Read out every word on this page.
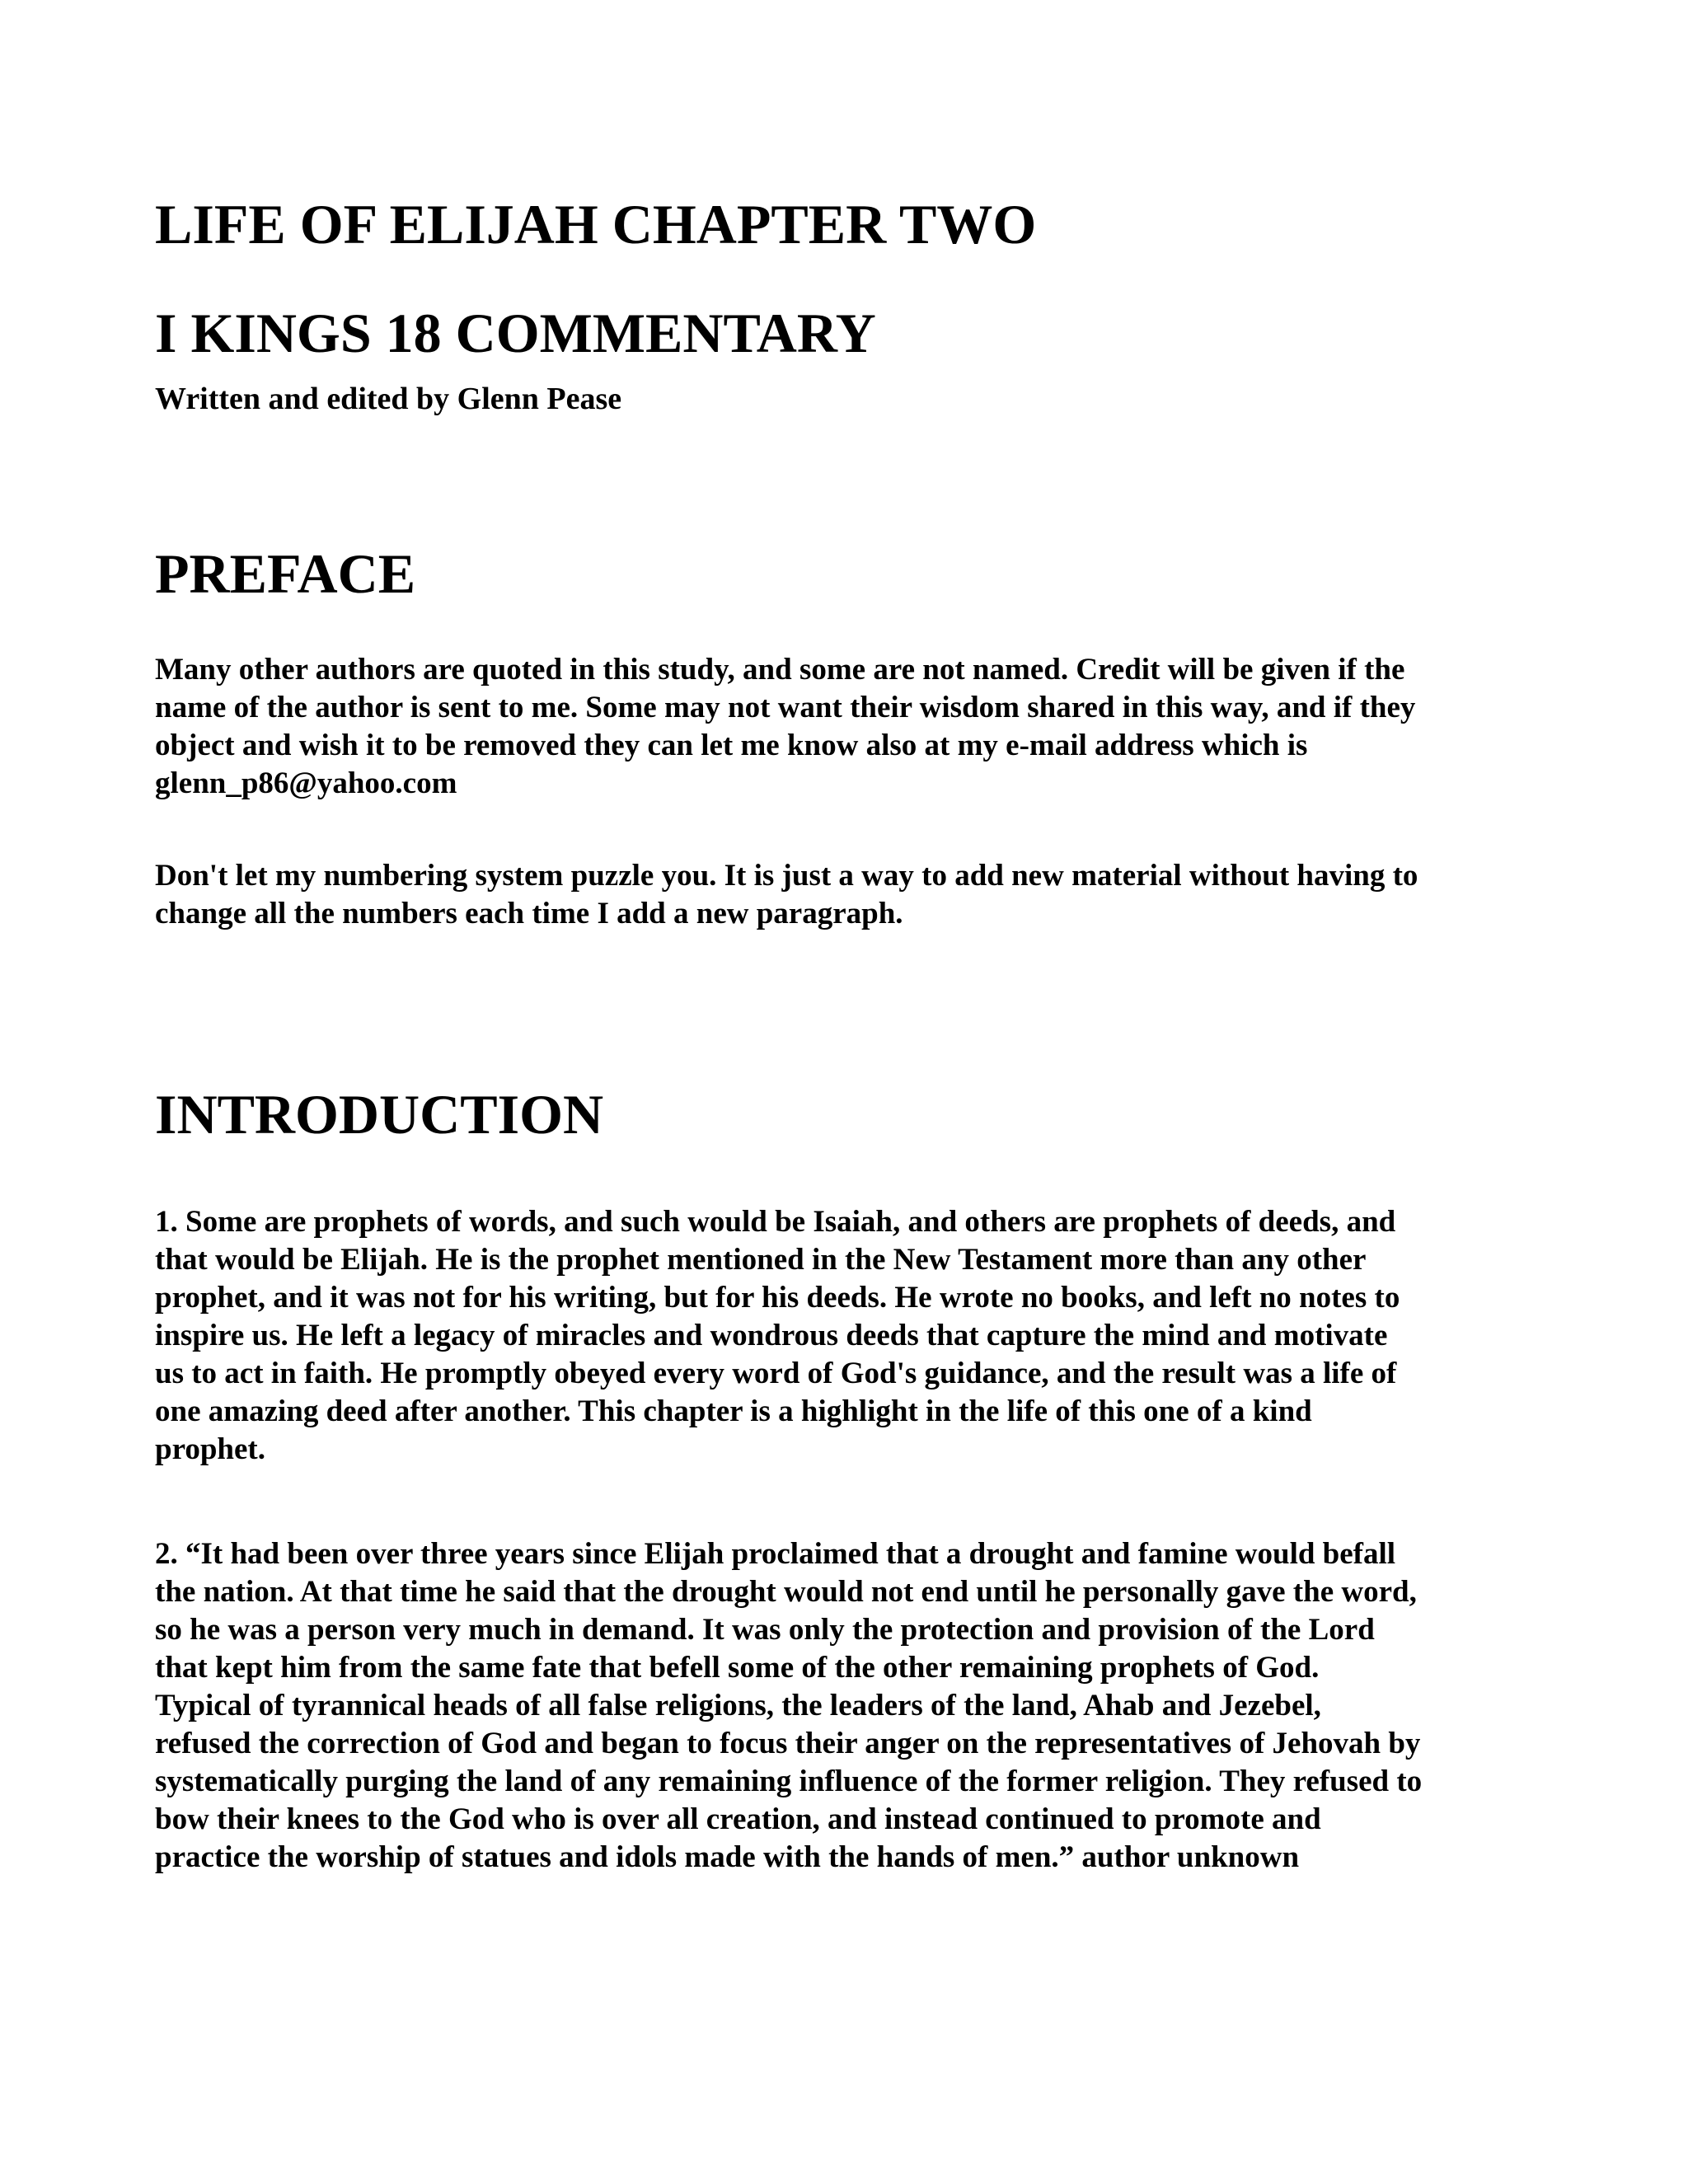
LIFE OF ELIJAH CHAPTER TWO
I KINGS 18 COMMENTARY

Written and edited by Glenn Pease

PREFACE
Many other authors are quoted in this study, and some are not named. Credit will be given if the
name of the author is sent to me. Some may not want their wisdom shared in this way, and if they
object and wish it to be removed they can let me know also at my e-mail address which is
glenn_p86@yahoo.com
Don't let my numbering system puzzle you. It is just a way to add new material without having to
change all the numbers each time I add a new paragraph.
INTRODUCTION
1. Some are prophets of words, and such would be Isaiah, and others are prophets of deeds, and
that would be Elijah. He is the prophet mentioned in the New Testament more than any other
prophet, and it was not for his writing, but for his deeds. He wrote no books, and left no notes to
inspire us. He left a legacy of miracles and wondrous deeds that capture the mind and motivate
us to act in faith. He promptly obeyed every word of God's guidance, and the result was a life of
one amazing deed after another. This chapter is a highlight in the life of this one of a kind
prophet.
2. “It had been over three years since Elijah proclaimed that a drought and famine would befall
the nation. At that time he said that the drought would not end until he personally gave the word,
so he was a person very much in demand. It was only the protection and provision of the Lord
that kept him from the same fate that befell some of the other remaining prophets of God.
Typical of tyrannical heads of all false religions, the leaders of the land, Ahab and Jezebel,
refused the correction of God and began to focus their anger on the representatives of Jehovah by
systematically purging the land of any remaining influence of the former religion. They refused to
bow their knees to the God who is over all creation, and instead continued to promote and
practice the worship of statues and idols made with the hands of men.” author unknown
